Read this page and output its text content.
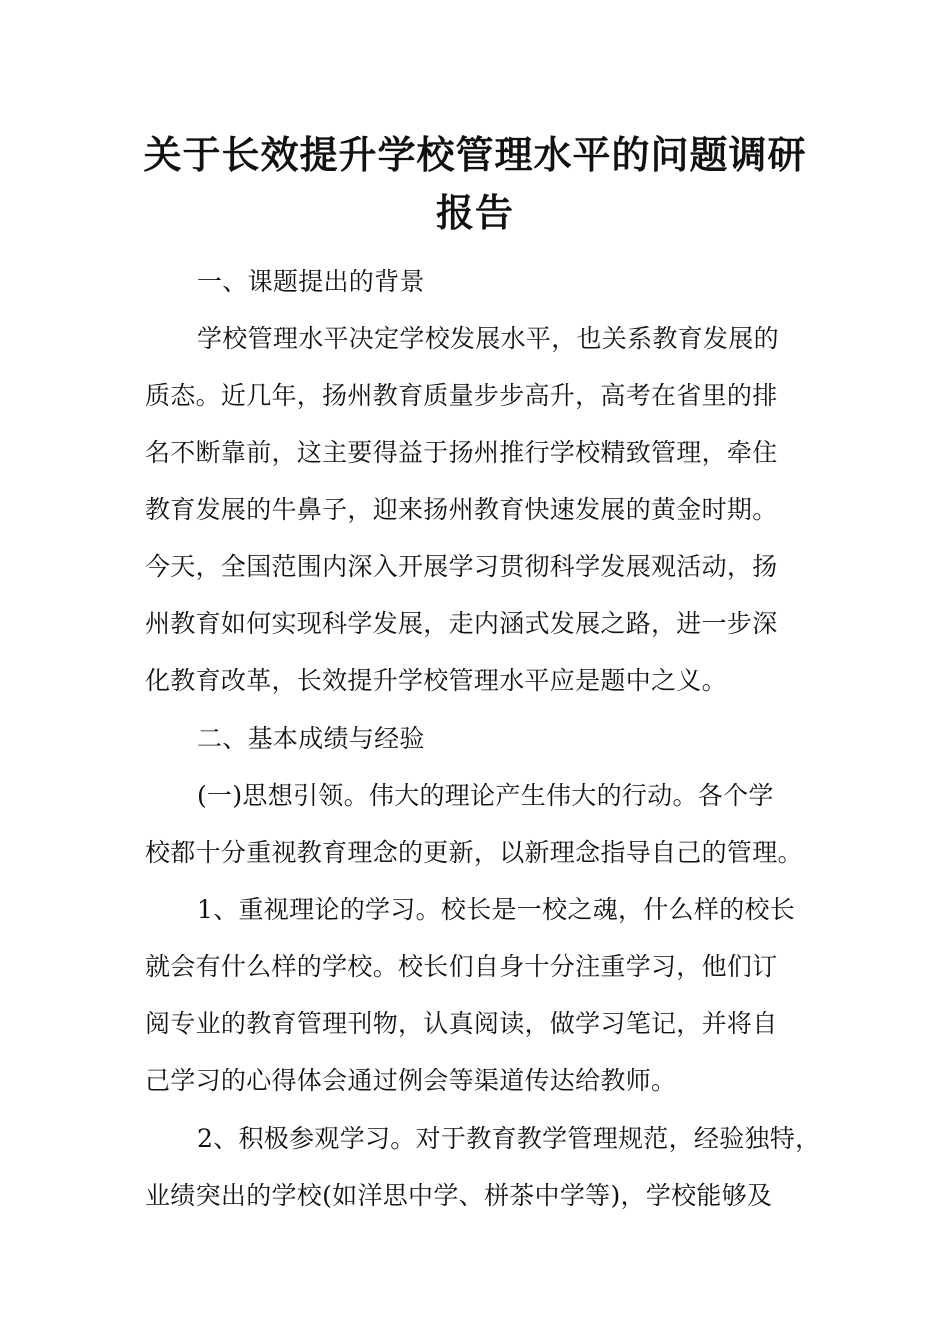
关于长效提升学校管理水平的问题调研
报告

一、课题提出的背景

学校管理水平决定学校发展水平，也关系教育发展的

质态。近几年，扬州教育质量步步高升，高考在省里的排

名不断靠前，这主要得益于扬州推行学校精致管理，牵住

教育发展的牛鼻子，迎来扬州教育快速发展的黄金时期。

今天，全国范围内深入开展学习贯彻科学发展观活动，扬

州教育如何实现科学发展，走内涵式发展之路，进一步深

化教育改革，长效提升学校管理水平应是题中之义。

二、基本成绩与经验

(一)思想引领。伟大的理论产生伟大的行动。各个学

校都十分重视教育理念的更新，以新理念指导自己的管理。

1、重视理论的学习。校长是一校之魂，什么样的校长

就会有什么样的学校。校长们自身十分注重学习，他们订

阅专业的教育管理刊物，认真阅读，做学习笔记，并将自

己学习的心得体会通过例会等渠道传达给教师。

2、积极参观学习。对于教育教学管理规范，经验独特，

业绩突出的学校(如洋思中学、栟茶中学等)，学校能够及
